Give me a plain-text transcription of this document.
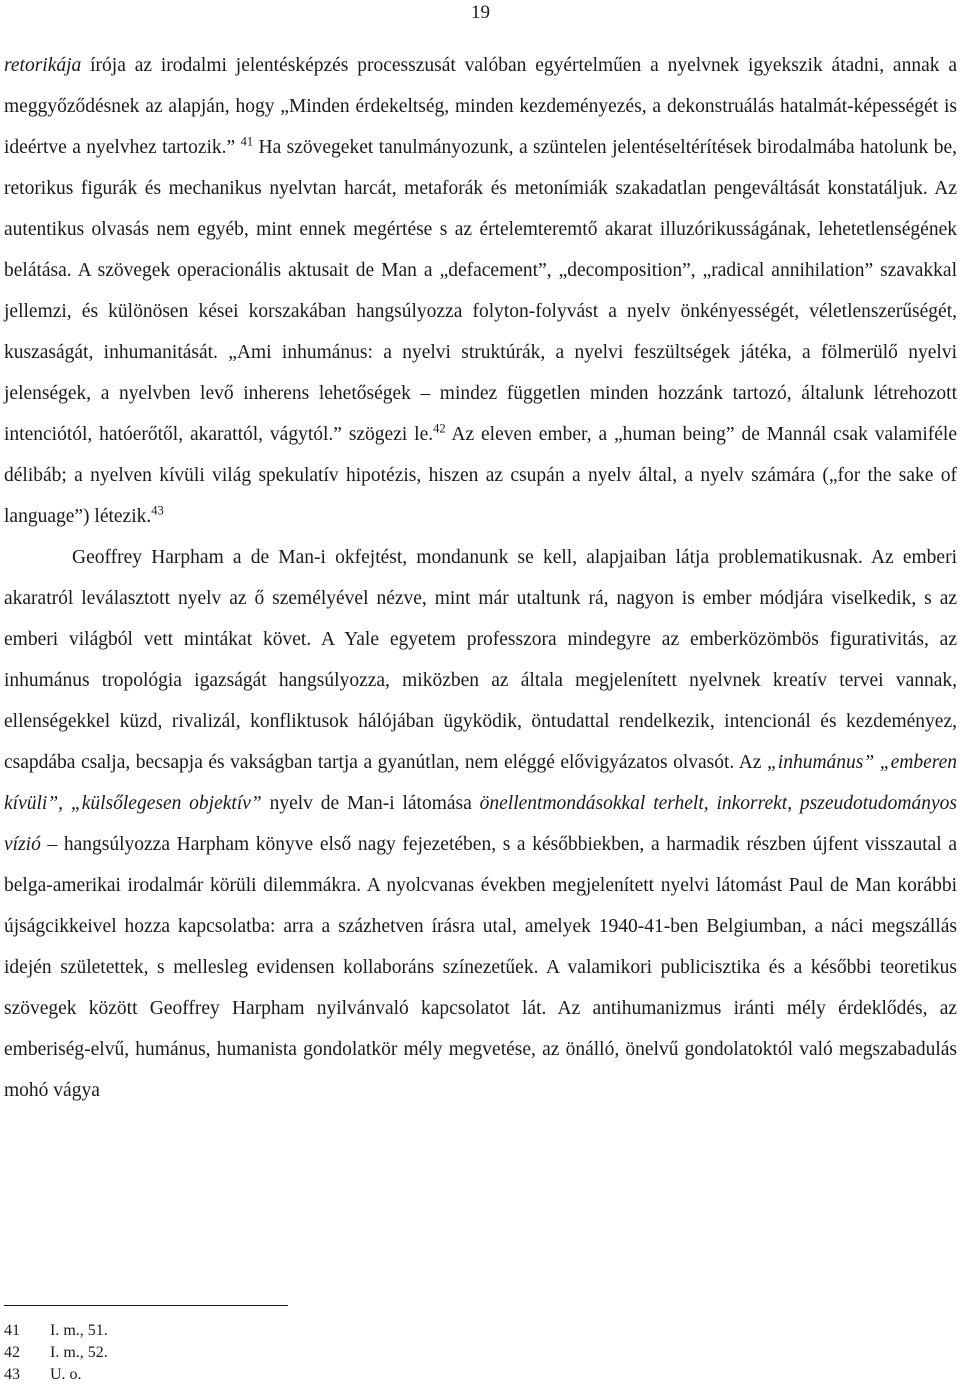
19

retorikája írója az irodalmi jelentésképzés processzusát valóban egyértelműen a nyelvnek igyekszik átadni, annak a meggyőződésnek az alapján, hogy „Minden érdekeltség, minden kezdeményezés, a dekonstruálás hatalmát-képességét is ideértve a nyelvhez tartozik.” $^{41}$ Ha szövegeket tanulmányozunk, a szüntelen jelentéseltérítések birodalmába hatolunk be, retorikus figurák és mechanikus nyelvtan harcát, metaforák és metonímiák szakadatlan pengeváltását konstatáljuk. Az autentikus olvasás nem egyéb, mint ennek megértése s az értelemteremtő akarat illuzórikusságának, lehetetlenségének belátása. A szövegek operacionális aktusait de Man a „defacement”, „decomposition”, „radical annihilation” szavakkal jellemzi, és különösen kései korszakában hangsúlyozza folyton-folyvást a nyelv önkényességét, véletlenszerűségét, kuszaságát, inhumanitását. „Ami inhumánus: a nyelvi struktúrák, a nyelvi feszültségek játéka, a fölmerülő nyelvi jelenségek, a nyelvben levő inherens lehetőségek – mindez független minden hozzánk tartozó, általunk létrehozott intenciótól, hatóerőtől, akarattól, vágytól.” szögezi le.$^{42}$ Az eleven ember, a „human being” de Mannál csak valamiféle délibáb; a nyelven kívüli világ spekulatív hipotézis, hiszen az csupán a nyelv által, a nyelv számára („for the sake of language”) létezik.$^{43}$

Geoffrey Harpham a de Man-i okfejtést, mondanunk se kell, alapjaiban látja problematikusnak. Az emberi akaratról leválasztott nyelv az ő személyével nézve, mint már utaltunk rá, nagyon is ember módjára viselkedik, s az emberi világból vett mintákat követ. A Yale egyetem professzora mindegyre az emberközömbös figurativitás, az inhumánus tropológia igazságát hangsúlyozza, miközben az általa megjelenített nyelvnek kreatív tervei vannak, ellenségekkel küzd, rivalizál, konfliktusok hálójában ügyködik, öntudattal rendelkezik, intencionál és kezdeményez, csapdába csalja, becsapja és vakságban tartja a gyanútlan, nem eléggé elővigyázatos olvasót. Az „inhumánus” „emberen kívüli”, „külsőlegesen objektív” nyelv de Man-i látomása önellentmondásokkal terhelt, inkorrekt, pszeudotudományos vízió – hangsúlyozza Harpham könyve első nagy fejezetében, s a későbbiekben, a harmadik részben újfent visszautal a belga-amerikai irodalmár körüli dilemmákra. A nyolcvanas években megjelenített nyelvi látomást Paul de Man korábbi újságcikkeivel hozza kapcsolatba: arra a százhetven írásra utal, amelyek 1940-41-ben Belgiumban, a náci megszállás idején születettek, s mellesleg evidensen kollaboráns színezetűek. A valamikori publicisztika és a későbbi teoretikus szövegek között Geoffrey Harpham nyilvánvaló kapcsolatot lát. Az antihumanizmus iránti mély érdeklődés, az emberiség-elvű, humánus, humanista gondolatkör mély megvetése, az önálló, önelvű gondolatoktól való megszabadulás mohó vágya

41	I. m., 51.
42	I. m., 52.
43	U. o.
